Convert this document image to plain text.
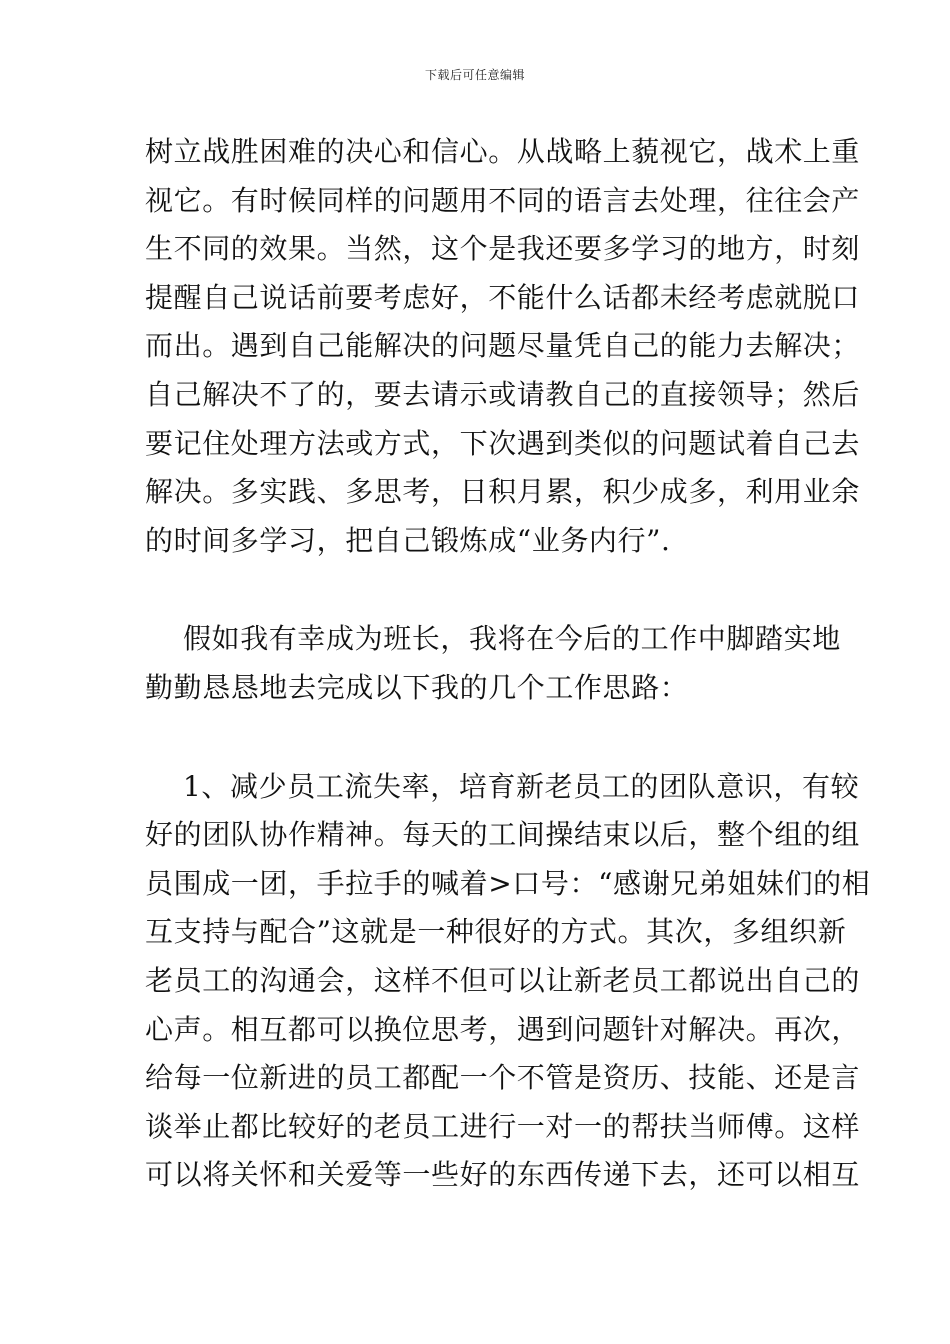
下载后可任意编辑
树立战胜困难的决心和信心。从战略上藐视它，战术上重
视它。有时候同样的问题用不同的语言去处理，往往会产
生不同的效果。当然，这个是我还要多学习的地方，时刻
提醒自己说话前要考虑好，不能什么话都未经考虑就脱口
而出。遇到自己能解决的问题尽量凭自己的能力去解决；
自己解决不了的，要去请示或请教自己的直接领导；然后
要记住处理方法或方式，下次遇到类似的问题试着自己去
解决。多实践、多思考，日积月累，积少成多，利用业余
的时间多学习，把自己锻炼成“业务内行”.
假如我有幸成为班长，我将在今后的工作中脚踏实地
勤勤恳恳地去完成以下我的几个工作思路：
1、减少员工流失率，培育新老员工的团队意识，有较
好的团队协作精神。每天的工间操结束以后，整个组的组
员围成一团，手拉手的喊着>口号：“感谢兄弟姐妹们的相
互支持与配合”这就是一种很好的方式。其次，多组织新
老员工的沟通会，这样不但可以让新老员工都说出自己的
心声。相互都可以换位思考，遇到问题针对解决。再次，
给每一位新进的员工都配一个不管是资历、技能、还是言
谈举止都比较好的老员工进行一对一的帮扶当师傅。这样
可以将关怀和关爱等一些好的东西传递下去，还可以相互
